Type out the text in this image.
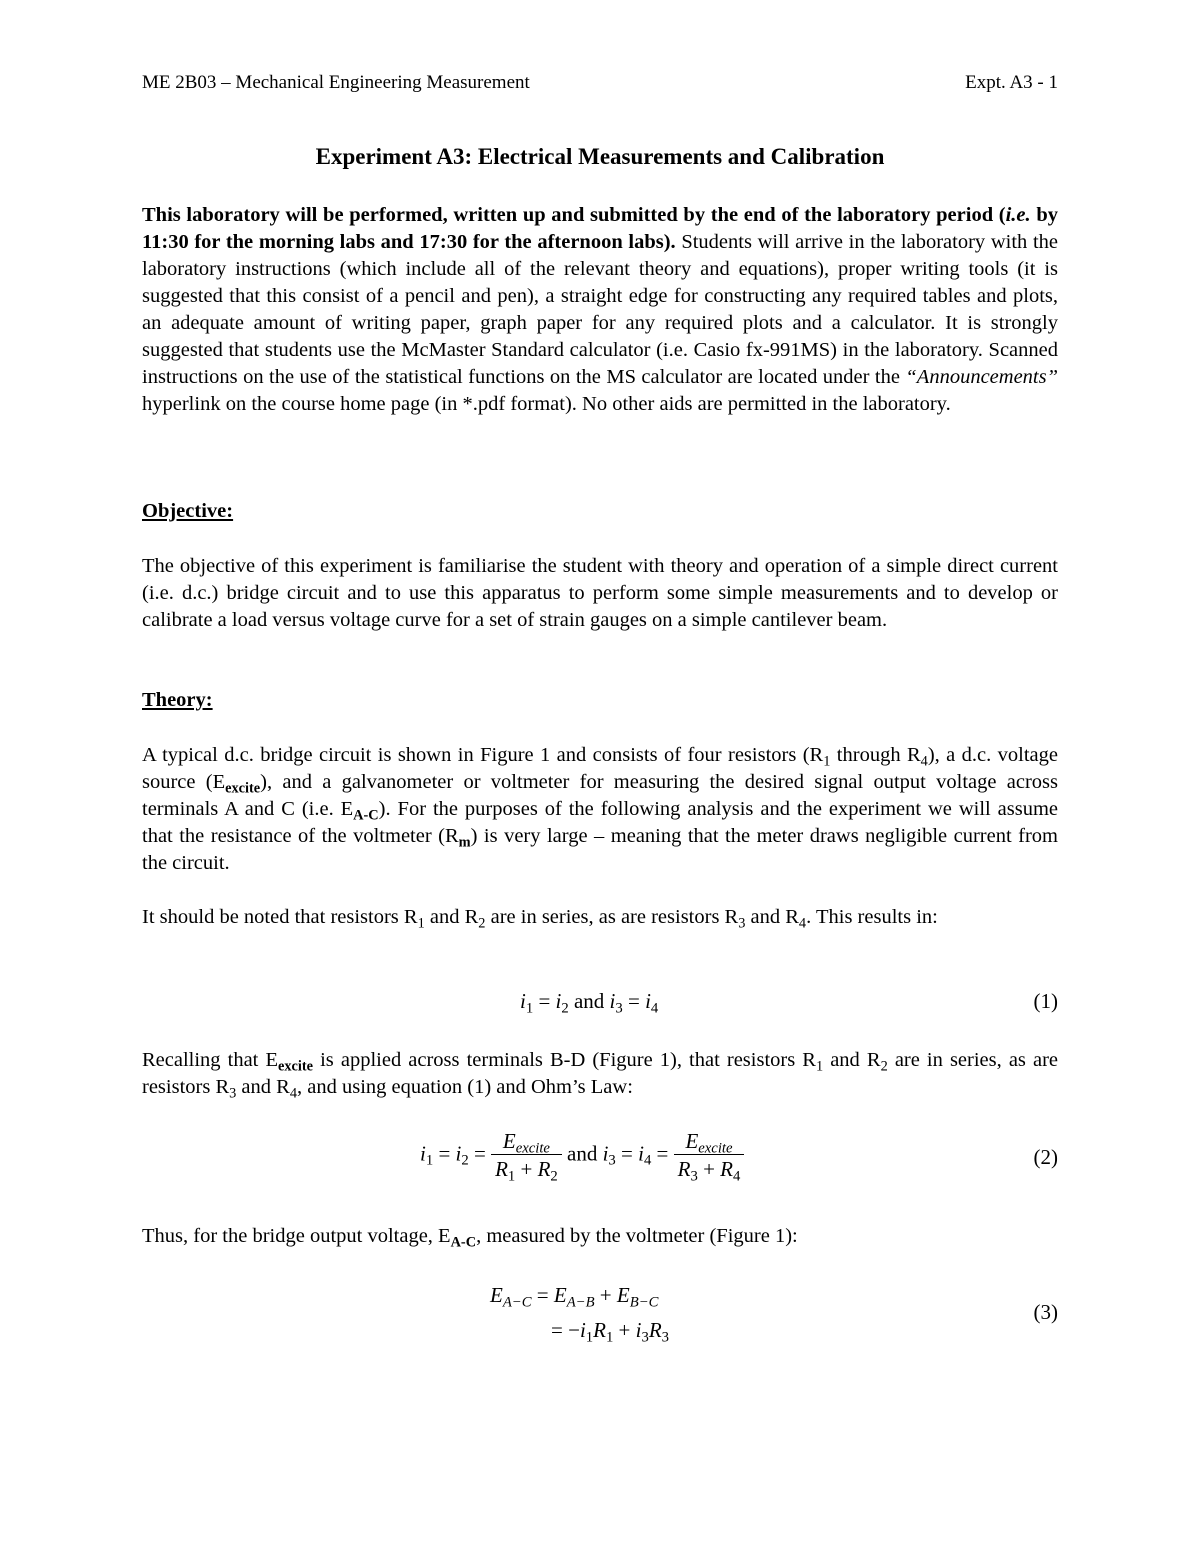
ME 2B03 – Mechanical Engineering Measurement	Expt. A3 - 1
Experiment A3: Electrical Measurements and Calibration
This laboratory will be performed, written up and submitted by the end of the laboratory period (i.e. by 11:30 for the morning labs and 17:30 for the afternoon labs). Students will arrive in the laboratory with the laboratory instructions (which include all of the relevant theory and equations), proper writing tools (it is suggested that this consist of a pencil and pen), a straight edge for constructing any required tables and plots, an adequate amount of writing paper, graph paper for any required plots and a calculator. It is strongly suggested that students use the McMaster Standard calculator (i.e. Casio fx-991MS) in the laboratory. Scanned instructions on the use of the statistical functions on the MS calculator are located under the “Announcements” hyperlink on the course home page (in *.pdf format). No other aids are permitted in the laboratory.
Objective:
The objective of this experiment is familiarise the student with theory and operation of a simple direct current (i.e. d.c.) bridge circuit and to use this apparatus to perform some simple measurements and to develop or calibrate a load versus voltage curve for a set of strain gauges on a simple cantilever beam.
Theory:
A typical d.c. bridge circuit is shown in Figure 1 and consists of four resistors ($R_1$ through $R_4$), a d.c. voltage source $(E_{excite})$, and a galvanometer or voltmeter for measuring the desired signal output voltage across terminals A and C (i.e. $E_{A-C}$). For the purposes of the following analysis and the experiment we will assume that the resistance of the voltmeter $(R_m)$ is very large – meaning that the meter draws negligible current from the circuit.
It should be noted that resistors $R_1$ and $R_2$ are in series, as are resistors $R_3$ and $R_4$. This results in:
$i_1 = i_2$ and $i_3 = i_4$	(1)
Recalling that $E_{excite}$ is applied across terminals B-D (Figure 1), that resistors $R_1$ and $R_2$ are in series, as are resistors $R_3$ and $R_4$, and using equation (1) and Ohm’s Law:
$i_1 = i_2 = \frac{E_{excite}}{R_1 + R_2}$ and $i_3 = i_4 = \frac{E_{excite}}{R_3 + R_4}$	(2)
Thus, for the bridge output voltage, $E_{A-C}$, measured by the voltmeter (Figure 1):
$E_{A-C} = E_{A-B} + E_{B-C}$
= $-i_1R_1 + i_3R_3$
(3)
